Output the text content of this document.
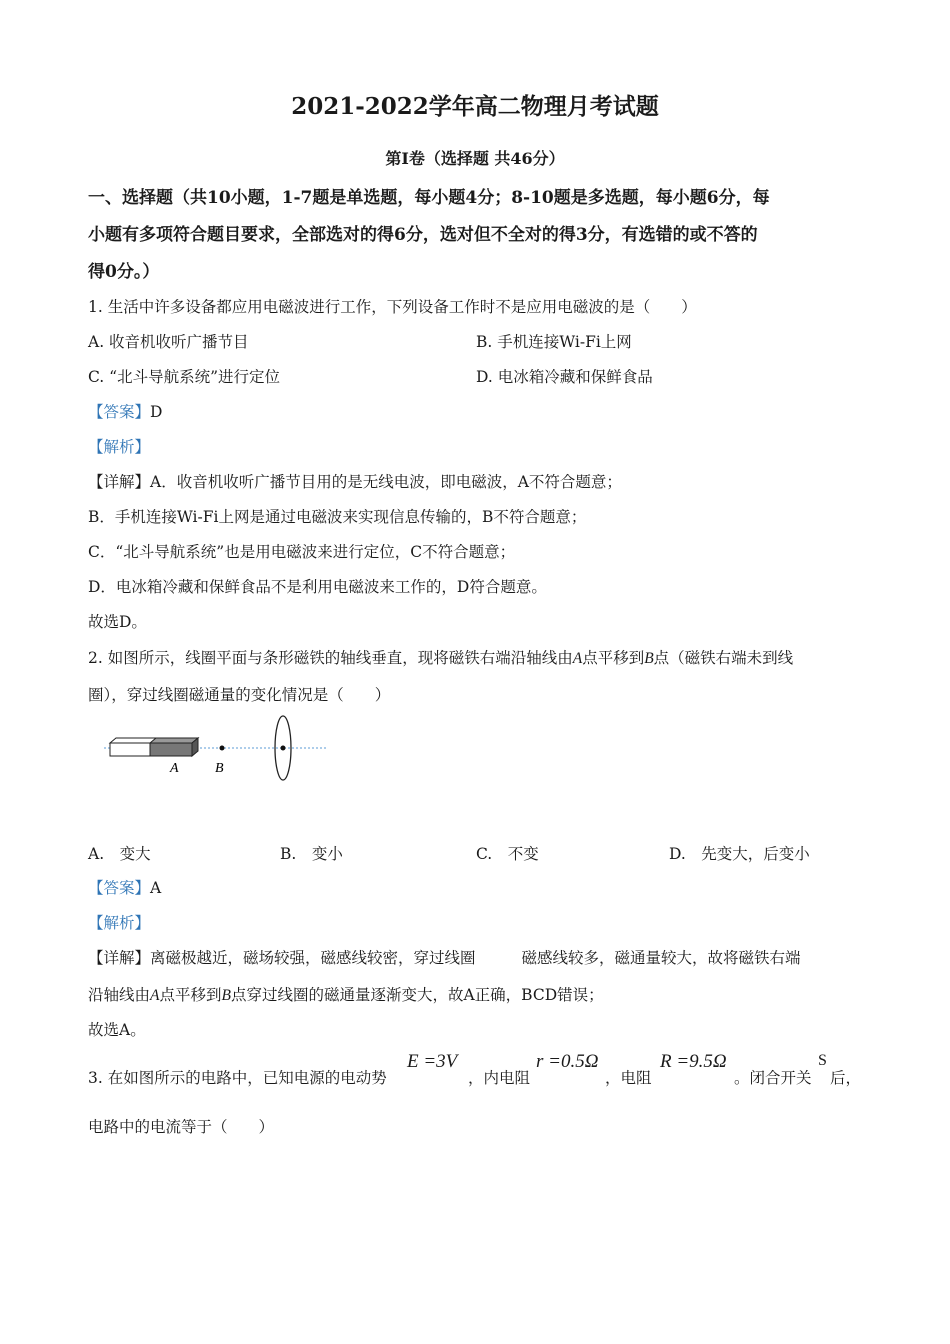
2021-2022学年高二物理月考试题
第I卷（选择题 共46分）
一、选择题（共10小题，1-7题是单选题，每小题4分；8-10题是多选题，每小题6分，每
小题有多项符合题目要求，全部选对的得6分，选对但不全对的得3分，有选错的或不答的
得0分。）
1. 生活中许多设备都应用电磁波进行工作，下列设备工作时不是应用电磁波的是（　　）
A. 收音机收听广播节目	B. 手机连接Wi-Fi上网
C. “北斗导航系统”进行定位	D. 电冰箱冷藏和保鲜食品
【答案】D
【解析】
【详解】A．收音机收听广播节目用的是无线电波，即电磁波，A不符合题意；
B．手机连接Wi-Fi上网是通过电磁波来实现信息传输的，B不符合题意；
C．“北斗导航系统”也是用电磁波来进行定位，C不符合题意；
D．电冰箱冷藏和保鲜食品不是利用电磁波来工作的，D符合题意。
故选D。
2. 如图所示，线圈平面与条形磁铁的轴线垂直，现将磁铁右端沿轴线由A点平移到B点（磁铁右端未到线
圈），穿过线圈磁通量的变化情况是（　　）
A	B
A.　变大	B.　变小	C.　不变	D.　先变大，后变小
【答案】A
【解析】
【详解】离磁极越近，磁场较强，磁感线较密，穿过线圈	磁感线较多，磁通量较大，故将磁铁右端
沿轴线由A点平移到B点穿过线圈的磁通量逐渐变大，故A正确，BCD错误；
故选A。
3. 在如图所示的电路中，已知电源的电动势
E =3V
，内电阻
r =0.5Ω
，电阻
R =9.5Ω
。闭合开关
S
后，
电路中的电流等于（　　）
